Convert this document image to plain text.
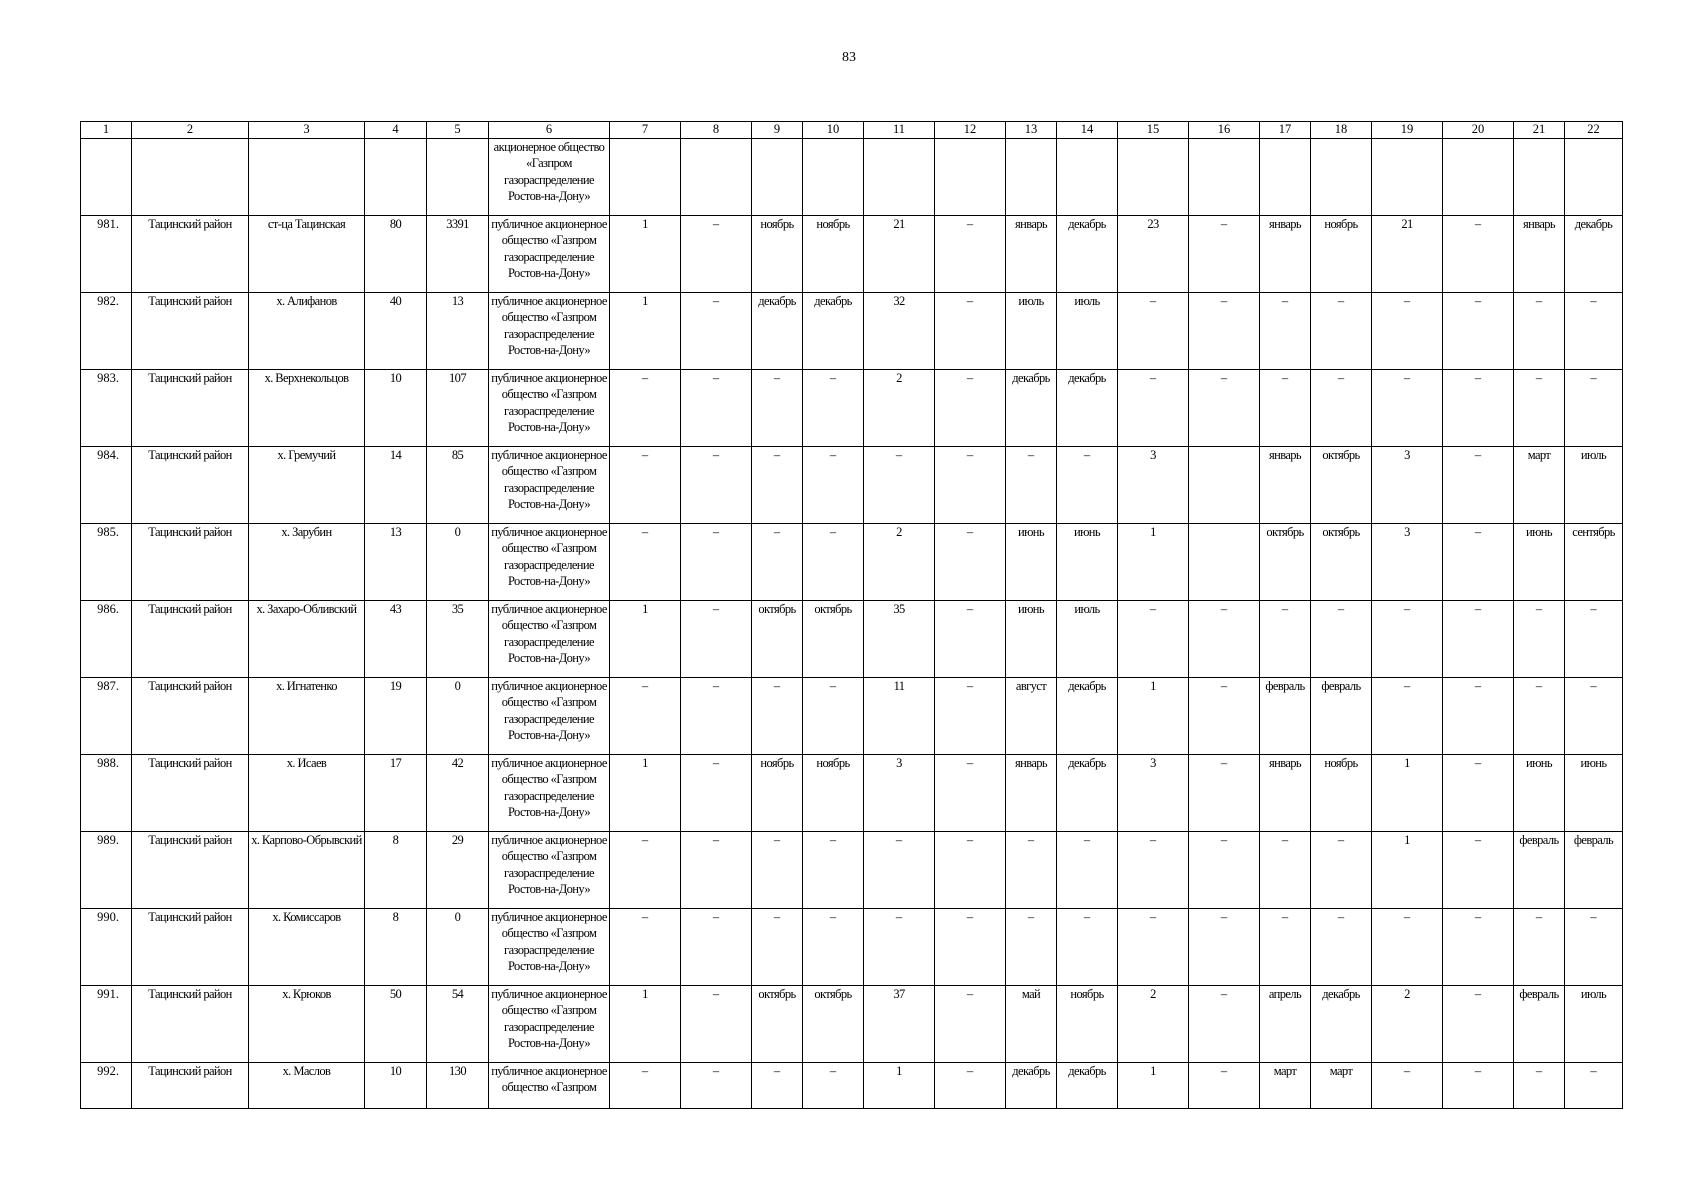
83
1	2	3	4	5	6	7	8	9	10	11	12	13	14	15	16	17	18	19	20	21	22
					акционерное общество «Газпром газораспределение Ростов-на-Дону»																
981.	Тацинский район	ст-ца Тацинская	80	3391	публичное акционерное общество «Газпром газораспределение Ростов-на-Дону»	1	–	ноябрь	ноябрь	21	–	январь	декабрь	23	–	январь	ноябрь	21	–	январь	декабрь
982.	Тацинский район	х. Алифанов	40	13	публичное акционерное общество «Газпром газораспределение Ростов-на-Дону»	1	–	декабрь	декабрь	32	–	июль	июль	–	–	–	–	–	–	–	–
983.	Тацинский район	х. Верхнекольцов	10	107	публичное акционерное общество «Газпром газораспределение Ростов-на-Дону»	–	–	–	–	2	–	декабрь	декабрь	–	–	–	–	–	–	–	–
984.	Тацинский район	х. Гремучий	14	85	публичное акционерное общество «Газпром газораспределение Ростов-на-Дону»	–	–	–	–	–	–	–	–	3		январь	октябрь	3	–	март	июль
985.	Тацинский район	х. Зарубин	13	0	публичное акционерное общество «Газпром газораспределение Ростов-на-Дону»	–	–	–	–	2	–	июнь	июнь	1		октябрь	октябрь	3	–	июнь	сентябрь
986.	Тацинский район	х. Захаро-Обливский	43	35	публичное акционерное общество «Газпром газораспределение Ростов-на-Дону»	1	–	октябрь	октябрь	35	–	июнь	июль	–	–	–	–	–	–	–	–
987.	Тацинский район	х. Игнатенко	19	0	публичное акционерное общество «Газпром газораспределение Ростов-на-Дону»	–	–	–	–	11	–	август	декабрь	1	–	февраль	февраль	–	–	–	–
988.	Тацинский район	х. Исаев	17	42	публичное акционерное общество «Газпром газораспределение Ростов-на-Дону»	1	–	ноябрь	ноябрь	3	–	январь	декабрь	3	–	январь	ноябрь	1	–	июнь	июнь
989.	Тацинский район	х. Карпово-Обрывский	8	29	публичное акционерное общество «Газпром газораспределение Ростов-на-Дону»	–	–	–	–	–	–	–	–	–	–	–	–	1	–	февраль	февраль
990.	Тацинский район	х. Комиссаров	8	0	публичное акционерное общество «Газпром газораспределение Ростов-на-Дону»	–	–	–	–	–	–	–	–	–	–	–	–	–	–	–	–
991.	Тацинский район	х. Крюков	50	54	публичное акционерное общество «Газпром газораспределение Ростов-на-Дону»	1	–	октябрь	октябрь	37	–	май	ноябрь	2	–	апрель	декабрь	2	–	февраль	июль
992.	Тацинский район	х. Маслов	10	130	публичное акционерное общество «Газпром	–	–	–	–	1	–	декабрь	декабрь	1	–	март	март	–	–	–	–
